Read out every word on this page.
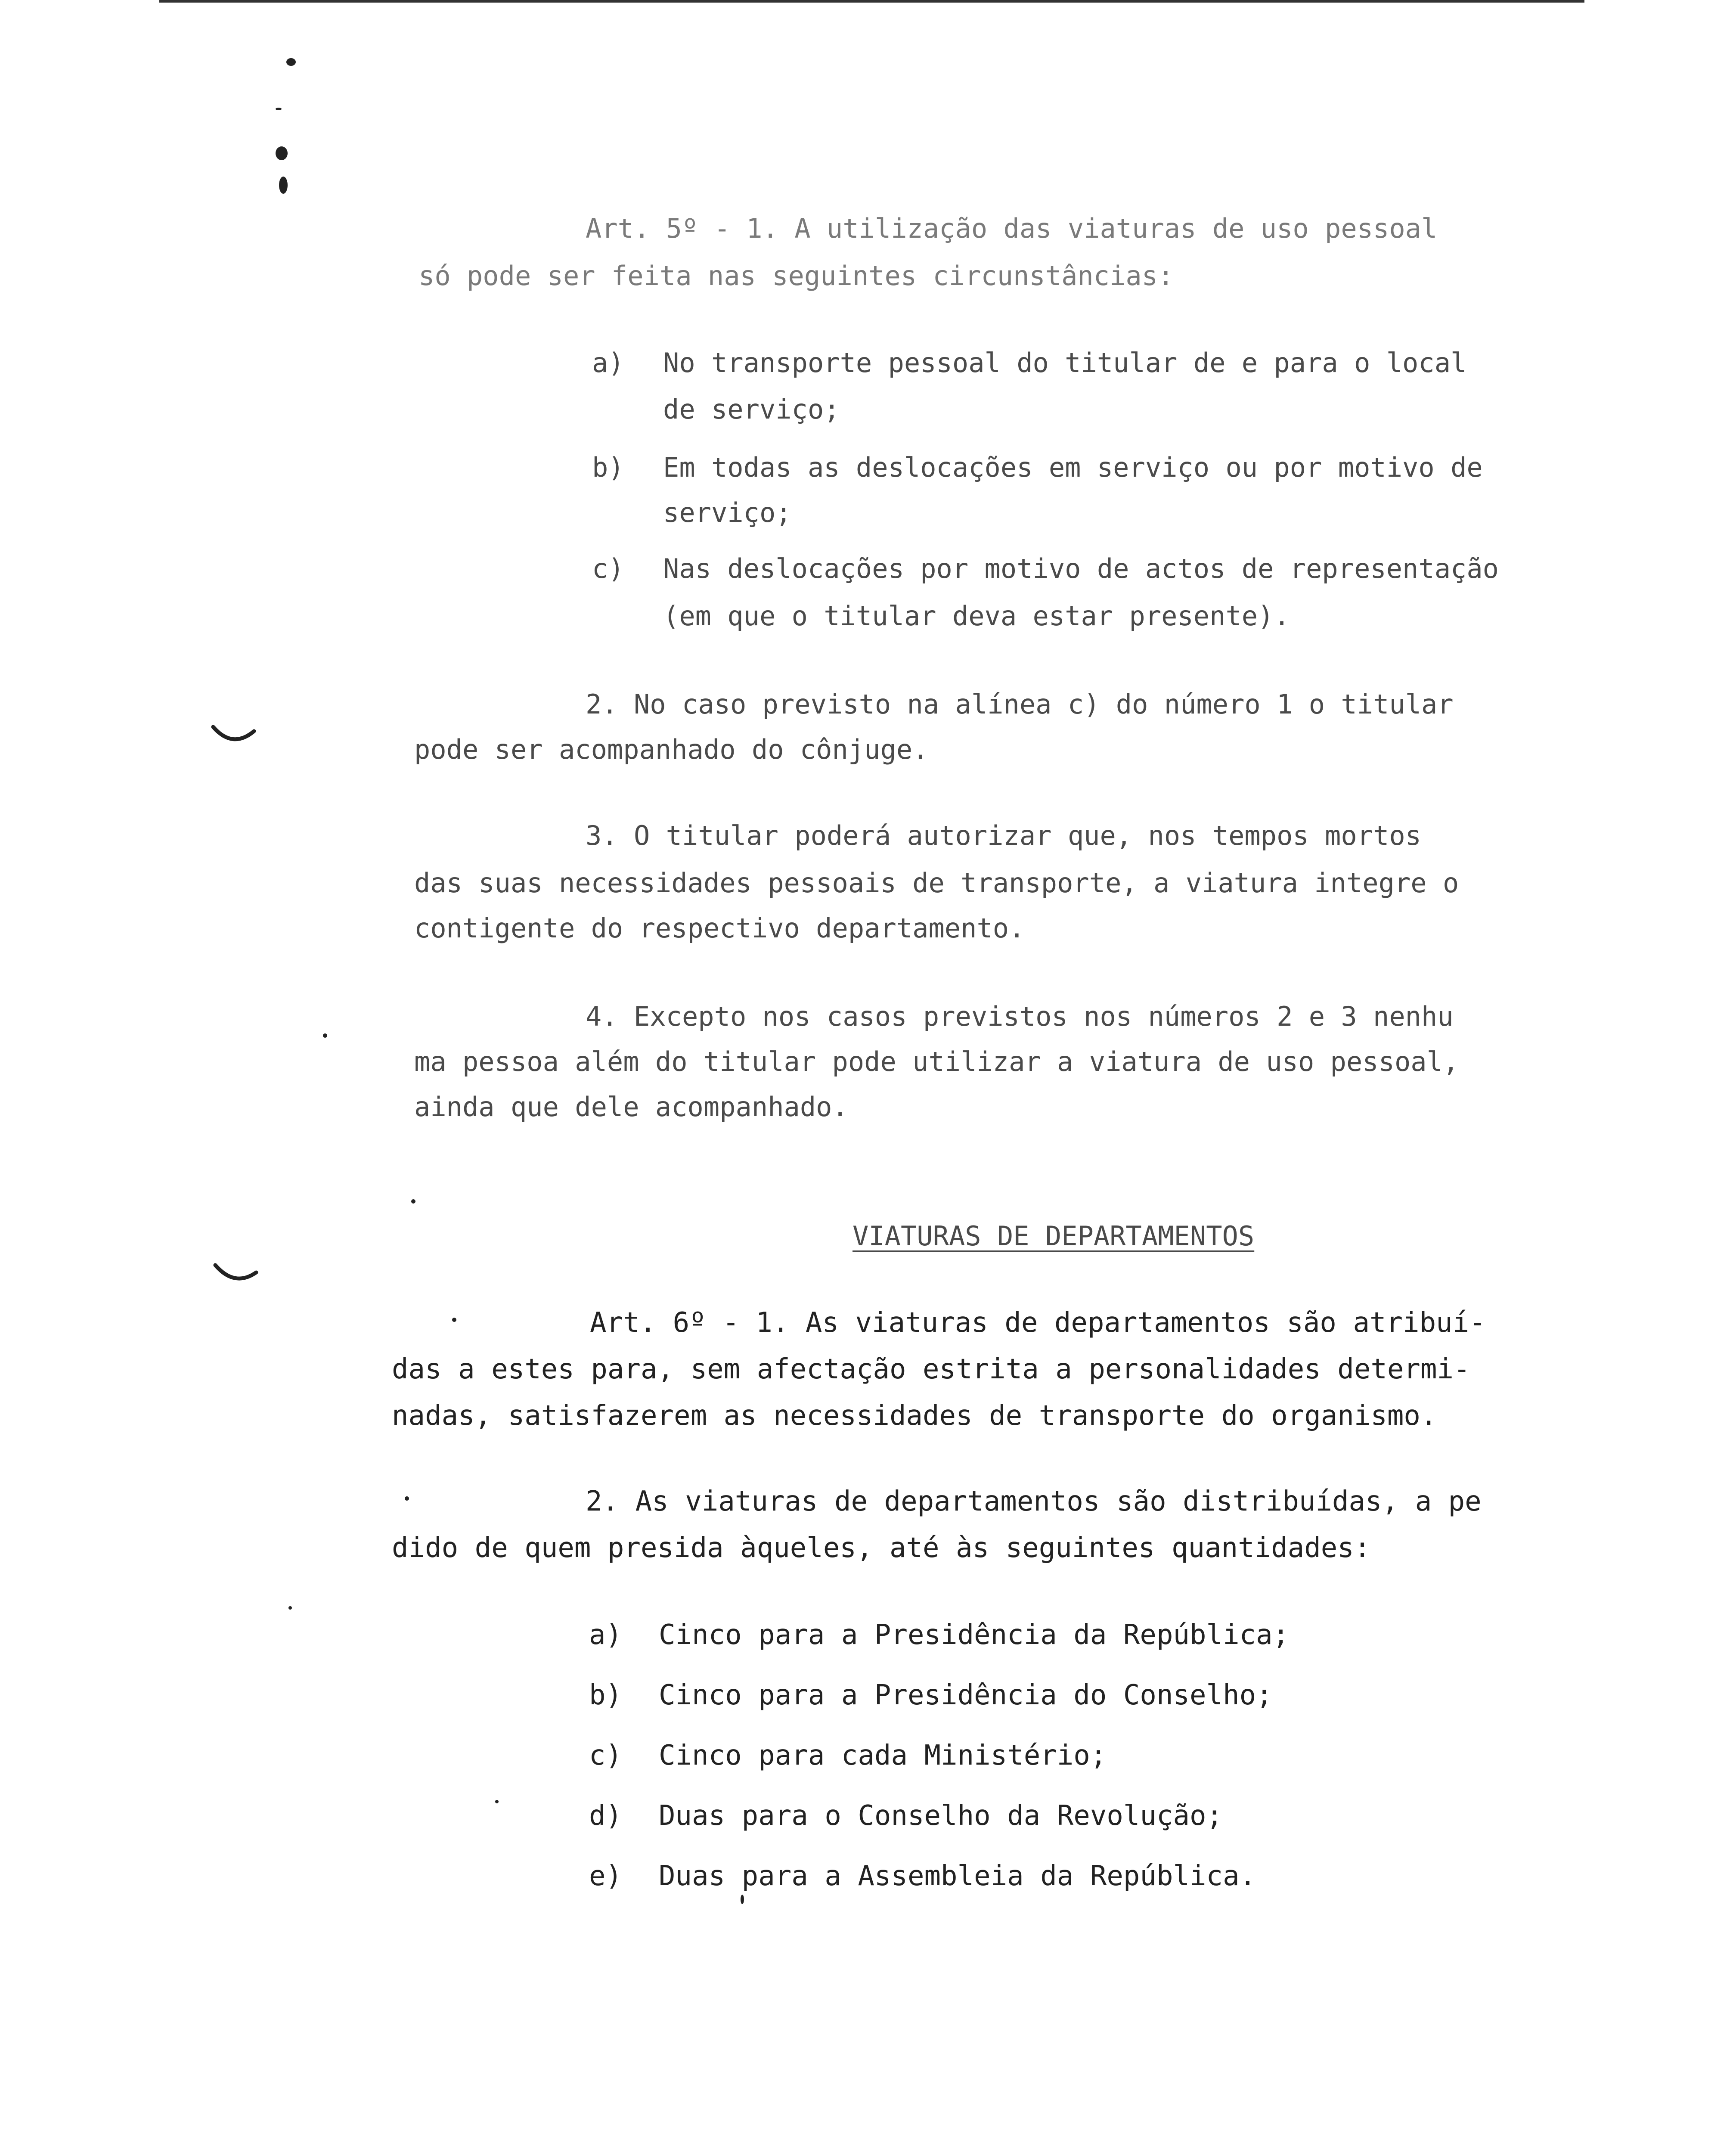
Art. 5º - 1. A utilização das viaturas de uso pessoal
só pode ser feita nas seguintes circunstâncias:
a) No transporte pessoal do titular de e para o local
de serviço;
b) Em todas as deslocações em serviço ou por motivo de
serviço;
c) Nas deslocações por motivo de actos de representação
(em que o titular deva estar presente).
2. No caso previsto na alínea c) do número 1 o titular
pode ser acompanhado do cônjuge.
3. O titular poderá autorizar que, nos tempos mortos
das suas necessidades pessoais de transporte, a viatura integre o
contigente do respectivo departamento.
4. Excepto nos casos previstos nos números 2 e 3 nenhu
ma pessoa além do titular pode utilizar a viatura de uso pessoal,
ainda que dele acompanhado.
VIATURAS DE DEPARTAMENTOS
Art. 6º - 1. As viaturas de departamentos são atribuí-
das a estes para, sem afectação estrita a personalidades determi-
nadas, satisfazerem as necessidades de transporte do organismo.
2. As viaturas de departamentos são distribuídas, a pe
dido de quem presida àqueles, até às seguintes quantidades:
a) Cinco para a Presidência da República;
b) Cinco para a Presidência do Conselho;
c) Cinco para cada Ministério;
d) Duas para o Conselho da Revolução;
e) Duas para a Assembleia da República.
